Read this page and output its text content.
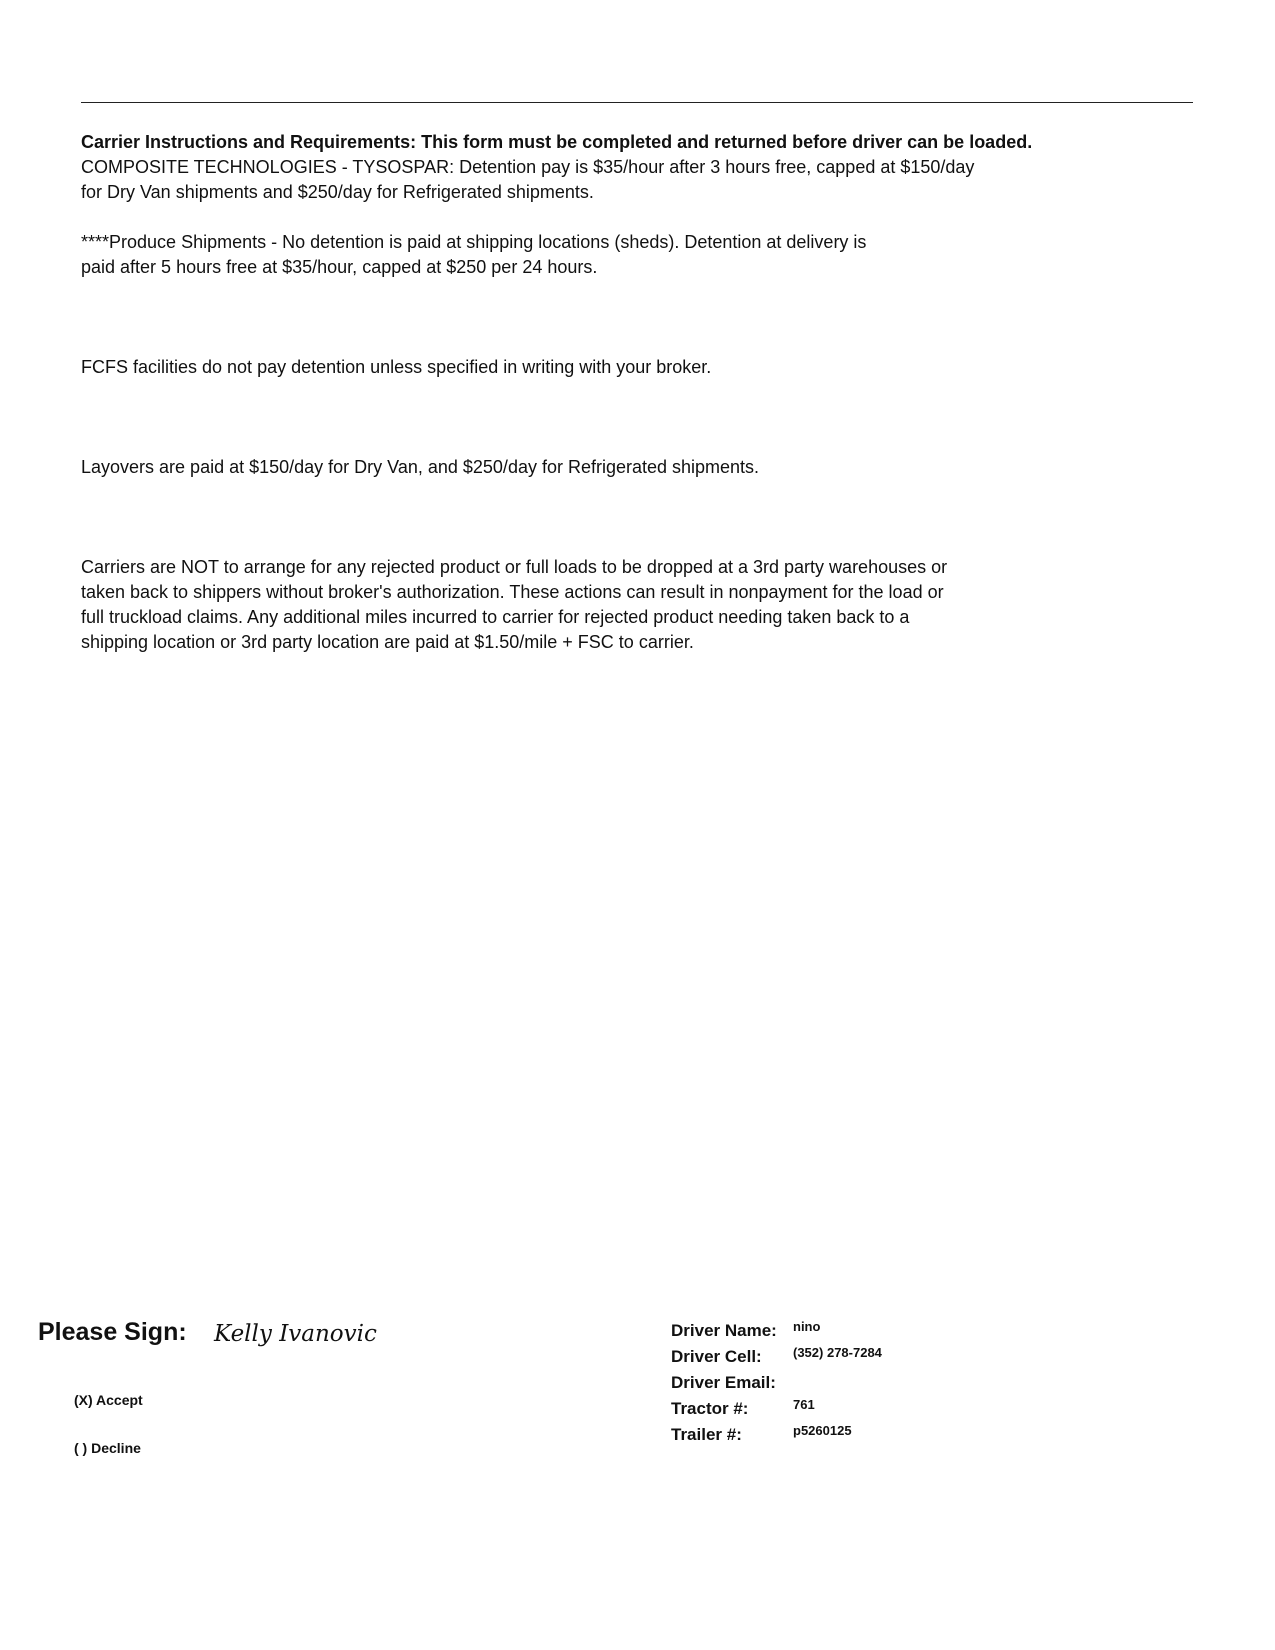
Carrier Instructions and Requirements: This form must be completed and returned before driver can be loaded.

COMPOSITE TECHNOLOGIES - TYSOSPAR: Detention pay is $35/hour after 3 hours free, capped at $150/day

for Dry Van shipments and $250/day for Refrigerated shipments.

****Produce Shipments - No detention is paid at shipping locations (sheds). Detention at delivery is

paid after 5 hours free at $35/hour, capped at $250 per 24 hours.

FCFS facilities do not pay detention unless specified in writing with your broker.

Layovers are paid at $150/day for Dry Van, and $250/day for Refrigerated shipments.

Carriers are NOT to arrange for any rejected product or full loads to be dropped at a 3rd party warehouses or

taken back to shippers without broker's authorization. These actions can result in nonpayment for the load or

full truckload claims. Any additional miles incurred to carrier for rejected product needing taken back to a

shipping location or 3rd party location are paid at $1.50/mile + FSC to carrier.

Please Sign: Kelly Ivanovic
(X) Accept
( ) Decline
Driver Name: nino
Driver Cell: (352) 278-7284
Driver Email:
Tractor #:	761
Trailer #:	p5260125
